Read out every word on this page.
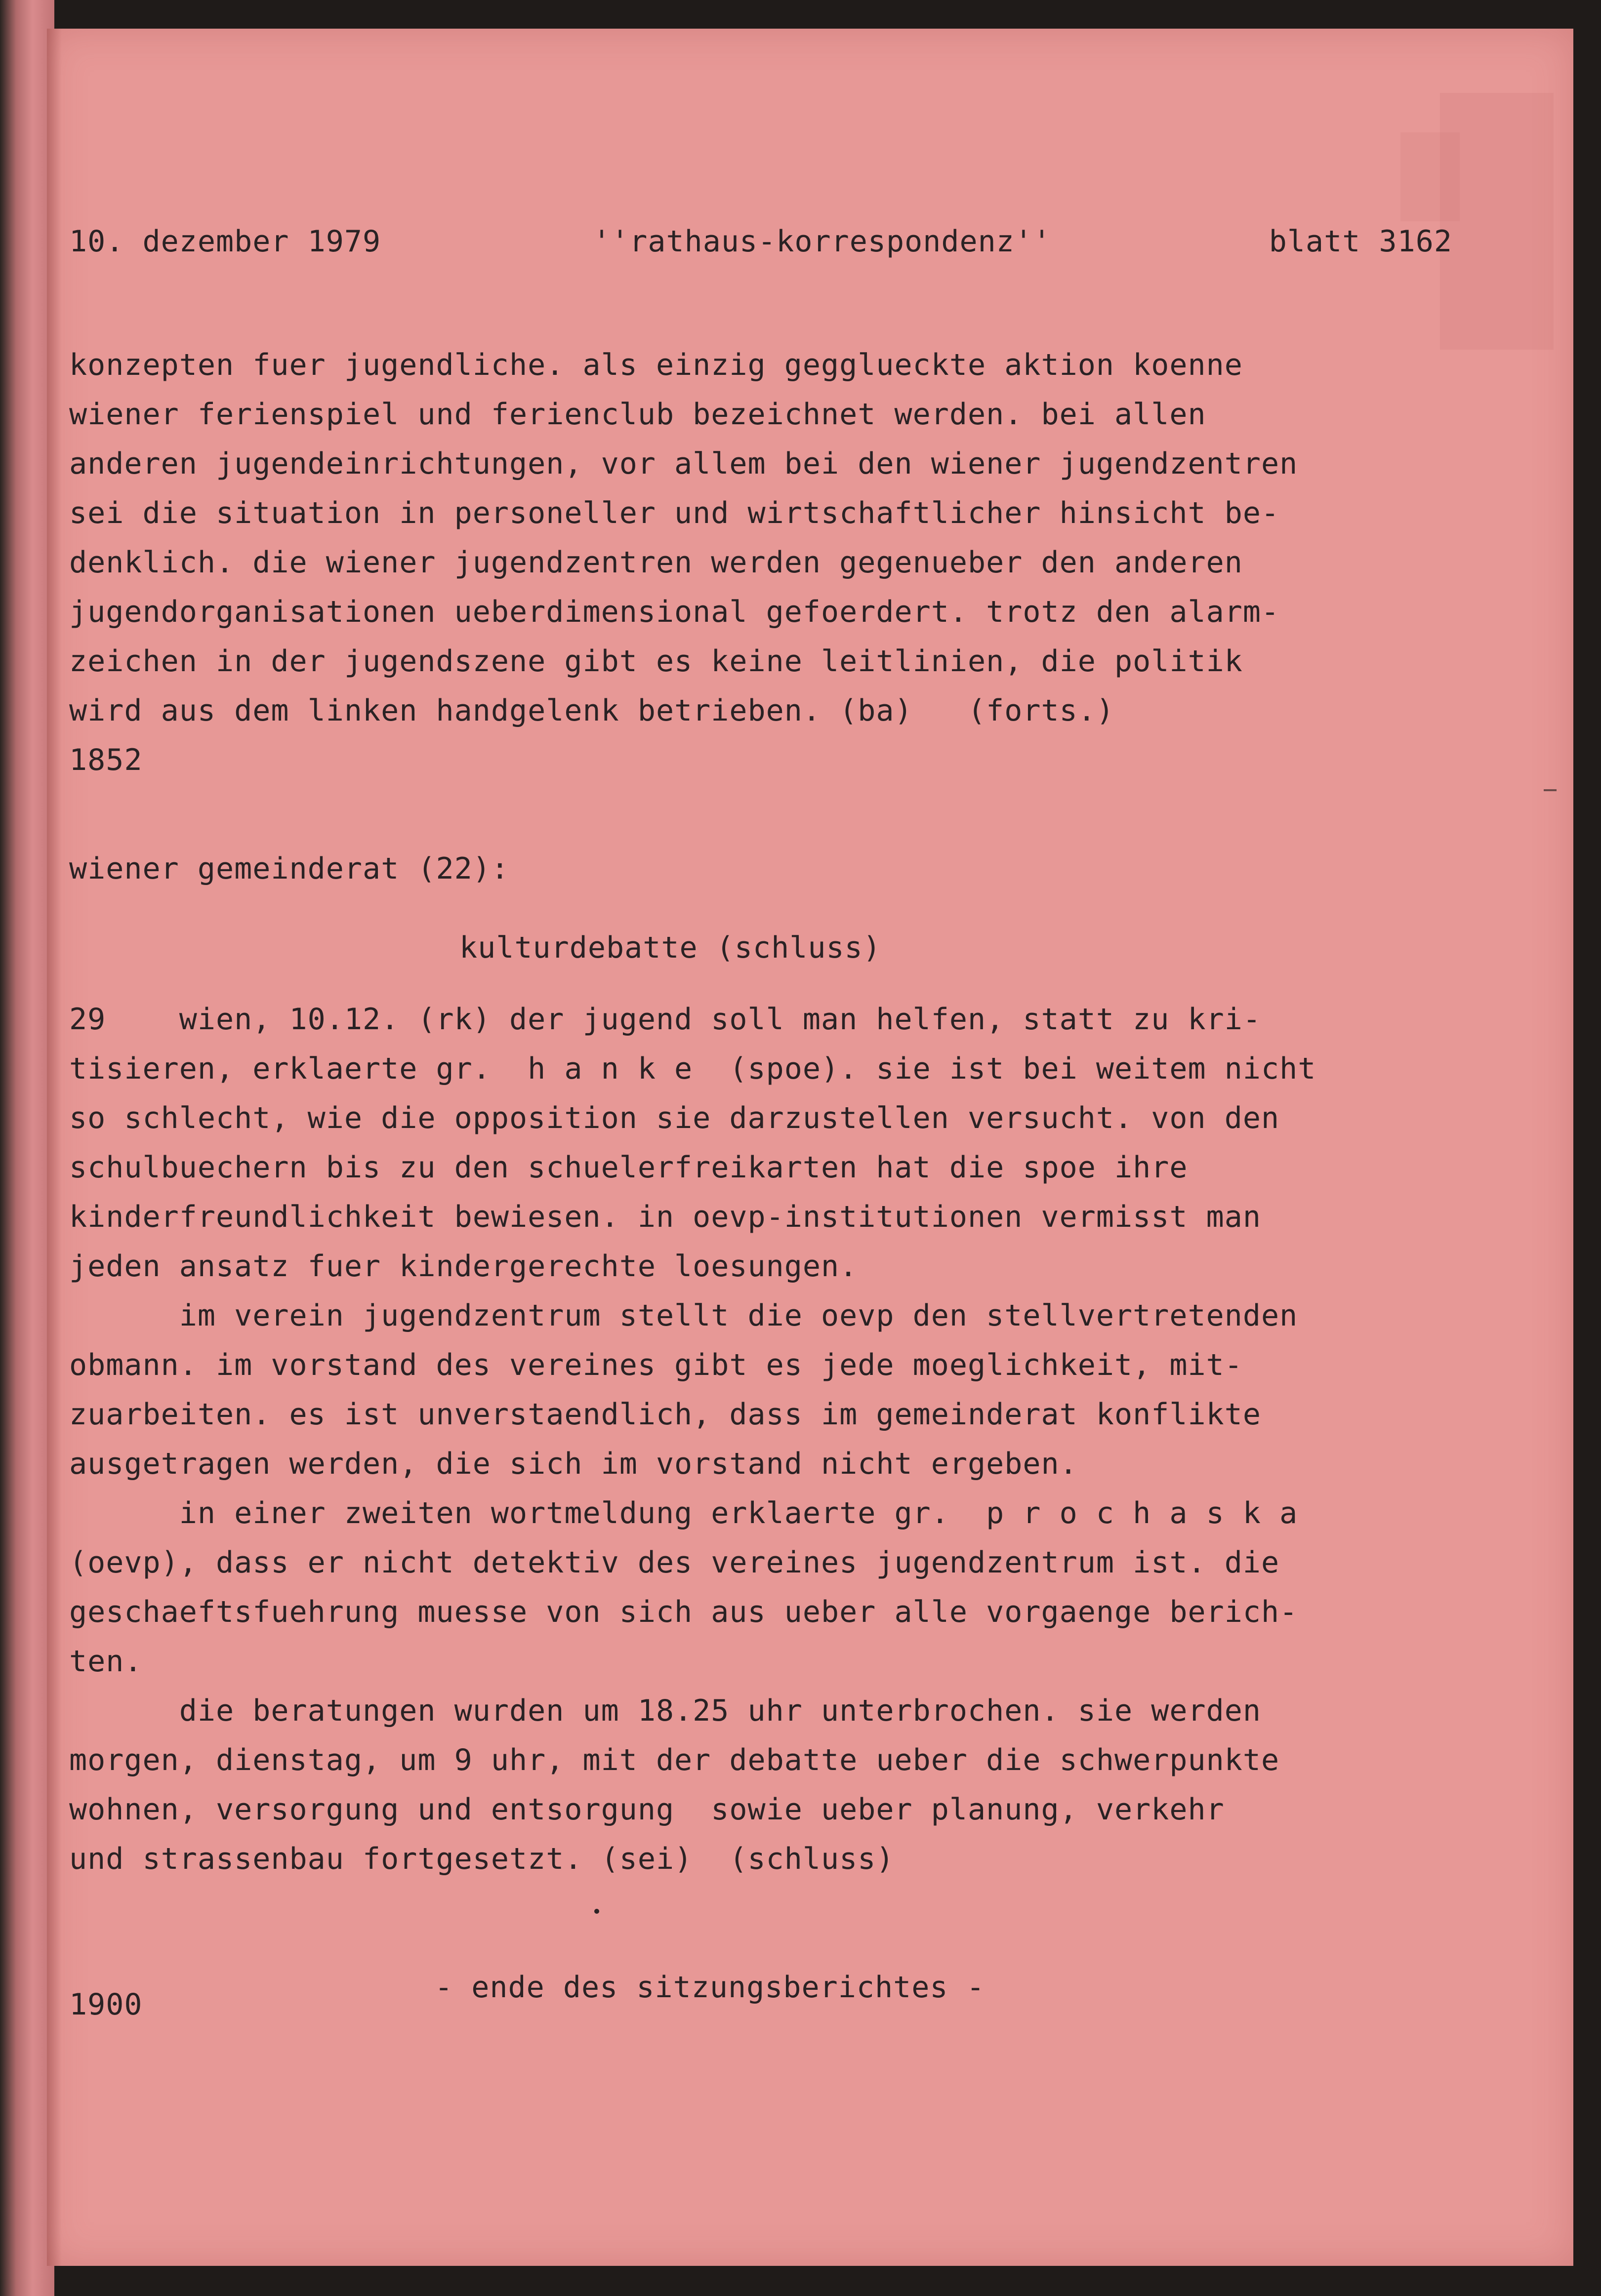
10. dezember 1979

	''rathaus-korrespondenz''

	blatt 3162

konzepten fuer jugendliche. als einzig gegglueckte aktion koenne

wiener ferienspiel und ferienclub bezeichnet werden. bei allen

anderen jugendeinrichtungen, vor allem bei den wiener jugendzentren

sei die situation in personeller und wirtschaftlicher hinsicht be-

denklich. die wiener jugendzentren werden gegenueber den anderen

jugendorganisationen ueberdimensional gefoerdert. trotz den alarm-

zeichen in der jugendszene gibt es keine leitlinien, die politik

wird aus dem linken handgelenk betrieben. (ba)   (forts.)

1852

wiener gemeinderat (22):

kulturdebatte (schluss)

29    wien, 10.12. (rk) der jugend soll man helfen, statt zu kri-

tisieren, erklaerte gr.  h a n k e  (spoe). sie ist bei weitem nicht

so schlecht, wie die opposition sie darzustellen versucht. von den

schulbuechern bis zu den schuelerfreikarten hat die spoe ihre

kinderfreundlichkeit bewiesen. in oevp-institutionen vermisst man

jeden ansatz fuer kindergerechte loesungen.

im verein jugendzentrum stellt die oevp den stellvertretenden

obmann. im vorstand des vereines gibt es jede moeglichkeit, mit-

zuarbeiten. es ist unverstaendlich, dass im gemeinderat konflikte

ausgetragen werden, die sich im vorstand nicht ergeben.

in einer zweiten wortmeldung erklaerte gr.  p r o c h a s k a

(oevp), dass er nicht detektiv des vereines jugendzentrum ist. die

geschaeftsfuehrung muesse von sich aus ueber alle vorgaenge berich-

ten.

die beratungen wurden um 18.25 uhr unterbrochen. sie werden

morgen, dienstag, um 9 uhr, mit der debatte ueber die schwerpunkte

wohnen, versorgung und entsorgung  sowie ueber planung, verkehr

und strassenbau fortgesetzt. (sei)  (schluss)

- ende des sitzungsberichtes -

1900
